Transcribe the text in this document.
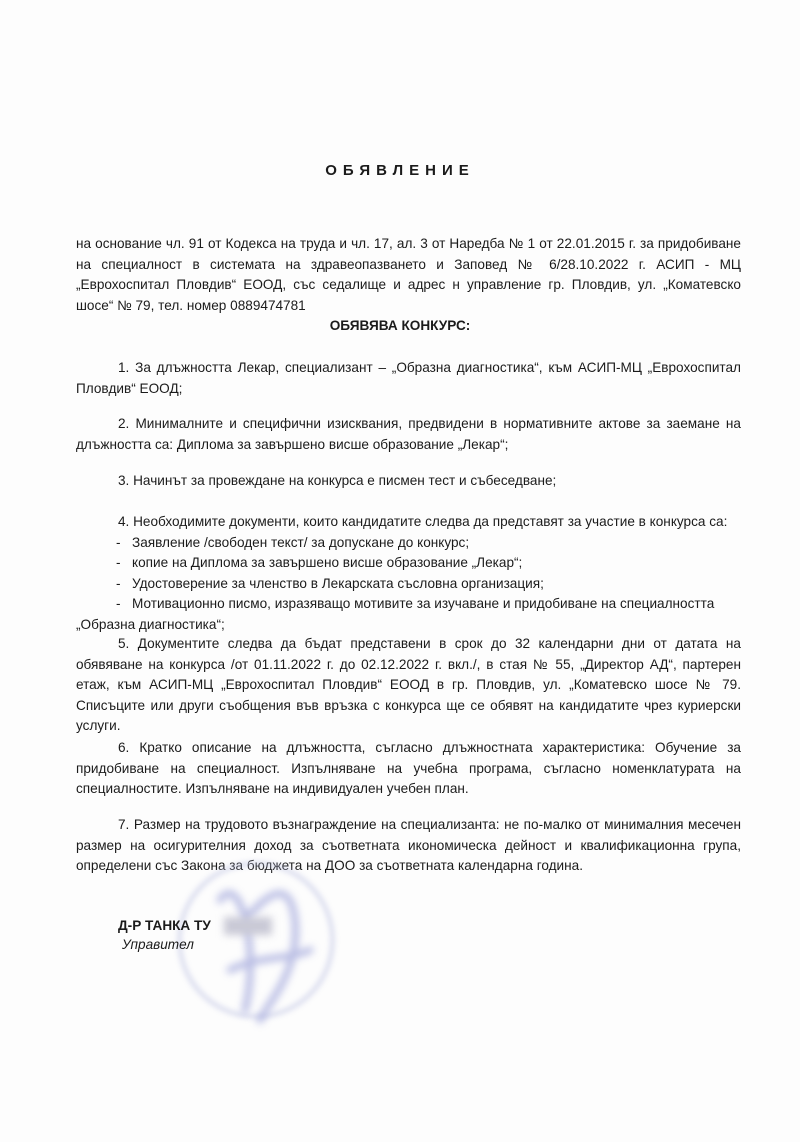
ОБЯВЛЕНИЕ

на основание чл. 91 от Кодекса на труда и чл. 17, ал. 3 от Наредба № 1 от 22.01.2015 г. за придобиване на специалност в системата на здравеопазването и Заповед № 6/28.10.2022 г. АСИП - МЦ „Еврохоспитал Пловдив“ ЕООД, със седалище и адрес н управление гр. Пловдив, ул. „Коматевско шосе“ № 79, тел. номер 0889474781

ОБЯВЯВА КОНКУРС:

1. За длъжността Лекар, специализант – „Образна диагностика“, към АСИП-МЦ „Еврохоспитал Пловдив“ ЕООД;

2. Минималните и специфични изисквания, предвидени в нормативните актове за заемане на длъжността са: Диплома за завършено висше образование „Лекар“;

3. Начинът за провеждане на конкурса е писмен тест и събеседване;

4. Необходимите документи, които кандидатите следва да представят за участие в конкурса са:

- Заявление /свободен текст/ за допускане до конкурс;
- копие на Диплома за завършено висше образование „Лекар“;
- Удостоверение за членство в Лекарската съсловна организация;
- Мотивационно писмо, изразяващо мотивите за изучаване и придобиване на специалността
„Образна диагностика“;

5. Документите следва да бъдат представени в срок до 32 календарни дни от датата на обявяване на конкурса /от 01.11.2022 г. до 02.12.2022 г. вкл./, в стая № 55, „Директор АД“, партерен етаж, към АСИП-МЦ „Еврохоспитал Пловдив“ ЕООД в гр. Пловдив, ул. „Коматевско шосе № 79. Списъците или други съобщения във връзка с конкурса ще се обявят на кандидатите чрез куриерски услуги.

6. Кратко описание на длъжността, съгласно длъжностната характеристика: Обучение за придобиване на специалност. Изпълняване на учебна програма, съгласно номенклатурата на специалностите. Изпълняване на индивидуален учебен план.

7. Размер на трудовото възнаграждение на специализанта: не по-малко от минималния месечен размер на осигурителния доход за съответната икономическа дейност и квалификационна група, определени със Закона за бюджета на ДОО за съответната календарна година.

Д-Р ТАНКА ТУ
Управител
